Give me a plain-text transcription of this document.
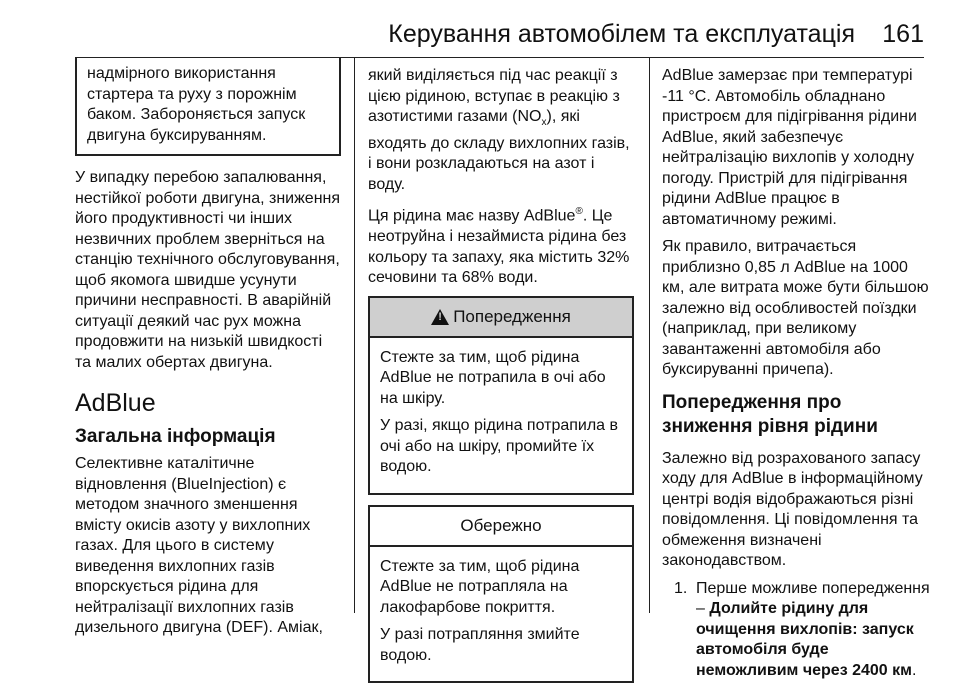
Керування автомобілем та експлуатація 161

надмірного використання стартера та руху з порожнім баком. Забороняється запуск двигуна буксируванням.

У випадку перебою запалювання, нестійкої роботи двигуна, зниження його продуктивності чи інших незвичних проблем зверніться на станцію технічного обслуговування, щоб якомога швидше усунути причини несправності. В аварійній ситуації деякий час рух можна продовжити на низькій швидкості та малих обертах двигуна.

AdBlue
Загальна інформація

Селективне каталітичне відновлення (BlueInjection) є методом значного зменшення вмісту окисів азоту у вихлопних газах. Для цього в систему виведення вихлопних газів впорскується рідина для нейтралізації вихлопних газів дизельного двигуна (DEF). Аміак,

який виділяється під час реакції з цією рідиною, вступає в реакцію з азотистими газами $(NO_x)$, які входять до складу вихлопних газів, і вони розкладаються на азот і воду.

Ця рідина має назву AdBlue®. Це неотруйна і незаймиста рідина без кольору та запаху, яка містить 32% сечовини та 68% води.

!
Попередження

Стежте за тим, щоб рідина AdBlue не потрапила в очі або на шкіру.

У разі, якщо рідина потрапила в очі або на шкіру, промийте їх водою.

Обережно

Стежте за тим, щоб рідина AdBlue не потрапляла на лакофарбове покриття.

У разі потрапляння змийте водою.

AdBlue замерзає при температурі -11 °C. Автомобіль обладнано пристроєм для підігрівання рідини AdBlue, який забезпечує нейтралізацію вихлопів у холодну погоду. Пристрій для підігрівання рідини AdBlue працює в автоматичному режимі.

Як правило, витрачається приблизно 0,85 л AdBlue на 1000 км, але витрата може бути більшою залежно від особливостей поїздки (наприклад, при великому завантаженні автомобіля або буксируванні причепа).

Попередження про зниження рівня рідини

Залежно від розрахованого запасу ходу для AdBlue в інформаційному центрі водія відображаються різні повідомлення. Ці повідомлення та обмеження визначені законодавством.

1. Перше можливе попередження – Долийте рідину для очищення вихлопів: запуск автомобіля буде неможливим через 2400 км.
